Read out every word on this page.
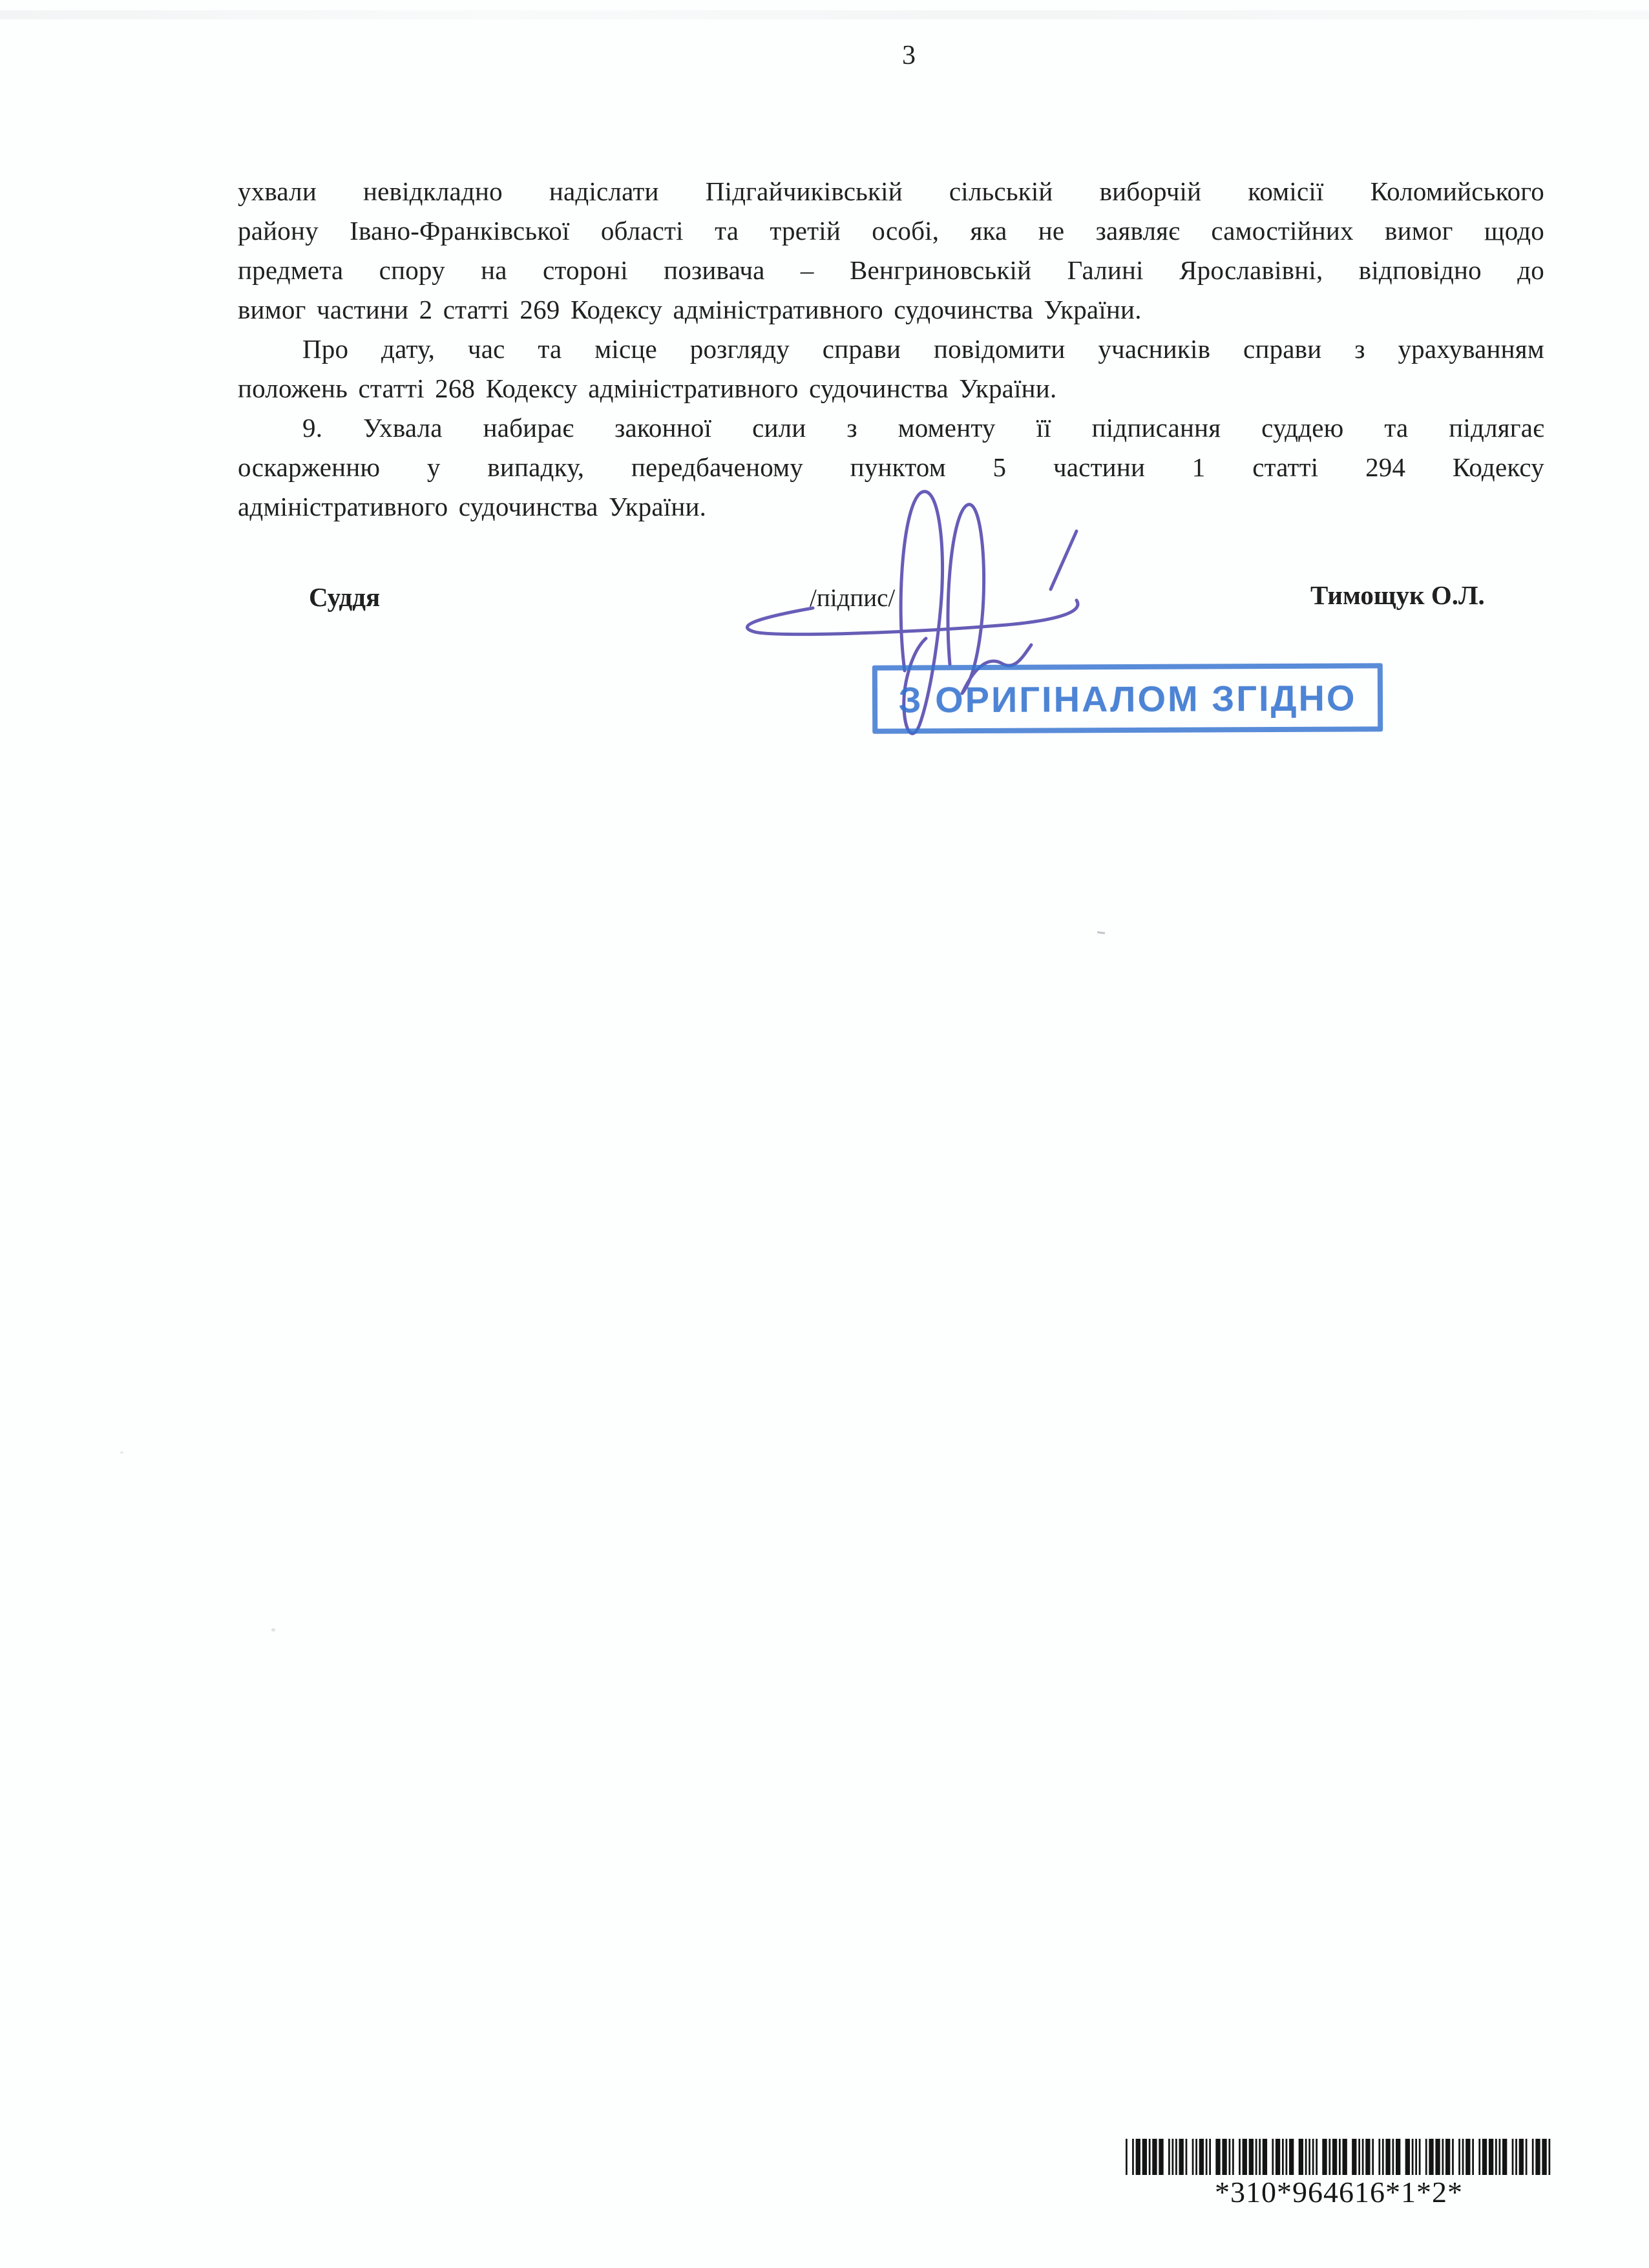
3
ухвали невідкладно надіслати Підгайчиківській сільській виборчій комісії Коломийського
району Івано-Франківської області та третій особі, яка не заявляє самостійних вимог щодо
предмета спору на стороні позивача – Венгриновській Галині Ярославівні, відповідно до
вимог частини 2 статті 269 Кодексу адміністративного судочинства України.
Про дату, час та місце розгляду справи повідомити учасників справи з урахуванням
положень статті 268 Кодексу адміністративного судочинства України.
9. Ухвала набирає законної сили з моменту її підписання суддею та підлягає
оскарженню у випадку, передбаченому пунктом 5 частини 1 статті 294 Кодексу
адміністративного судочинства України.
Суддя	/підпис/	Тимощук О.Л.
З ОРИГІНАЛОМ ЗГІДНО
*310*964616*1*2*
